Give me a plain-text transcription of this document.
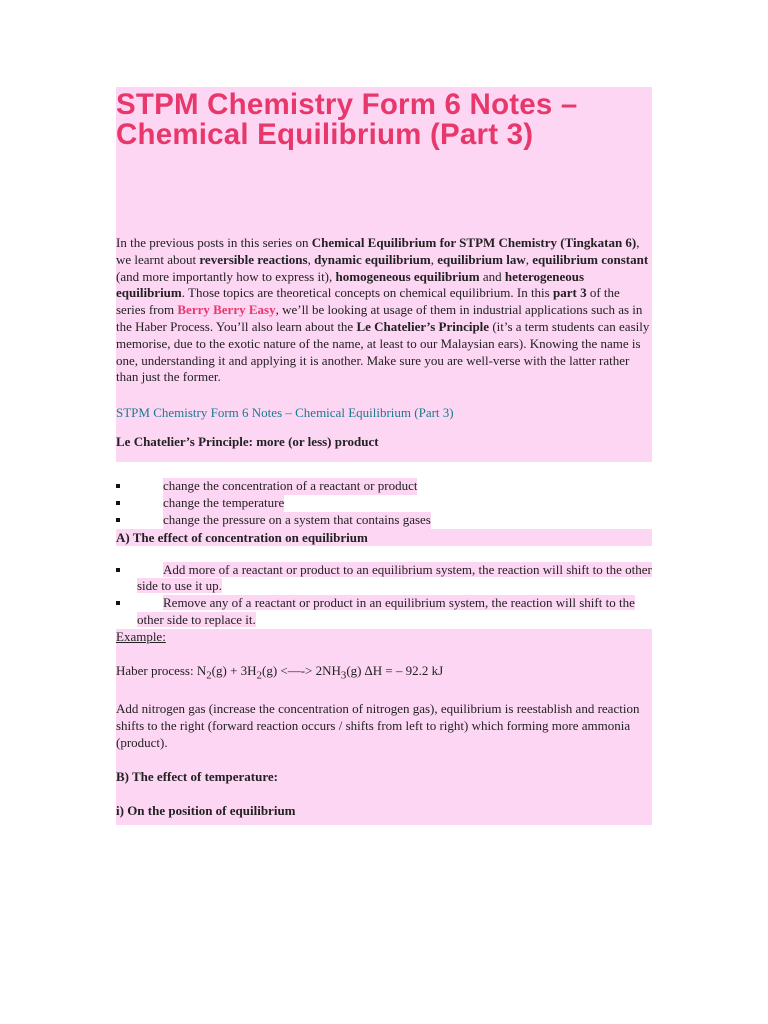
STPM Chemistry Form 6 Notes – Chemical Equilibrium (Part 3)
In the previous posts in this series on Chemical Equilibrium for STPM Chemistry (Tingkatan 6), we learnt about reversible reactions, dynamic equilibrium, equilibrium law, equilibrium constant (and more importantly how to express it), homogeneous equilibrium and heterogeneous equilibrium. Those topics are theoretical concepts on chemical equilibrium. In this part 3 of the series from Berry Berry Easy, we’ll be looking at usage of them in industrial applications such as in the Haber Process. You’ll also learn about the Le Chatelier’s Principle (it’s a term students can easily memorise, due to the exotic nature of the name, at least to our Malaysian ears). Knowing the name is one, understanding it and applying it is another. Make sure you are well-verse with the latter rather than just the former.
STPM Chemistry Form 6 Notes – Chemical Equilibrium (Part 3)
Le Chatelier’s Principle: more (or less) product
change the concentration of a reactant or product
change the temperature
change the pressure on a system that contains gases
A) The effect of concentration on equilibrium
Add more of a reactant or product to an equilibrium system, the reaction will shift to the other side to use it up.
Remove any of a reactant or product in an equilibrium system, the reaction will shift to the other side to replace it.
Example:
Haber process: $N_2(g) + 3H_2(g)$ <—-> $2NH_3(g) \Delta H$ = – 92.2 kJ
Add nitrogen gas (increase the concentration of nitrogen gas), equilibrium is reestablish and reaction shifts to the right (forward reaction occurs / shifts from left to right) which forming more ammonia (product).
B) The effect of temperature:
i) On the position of equilibrium
